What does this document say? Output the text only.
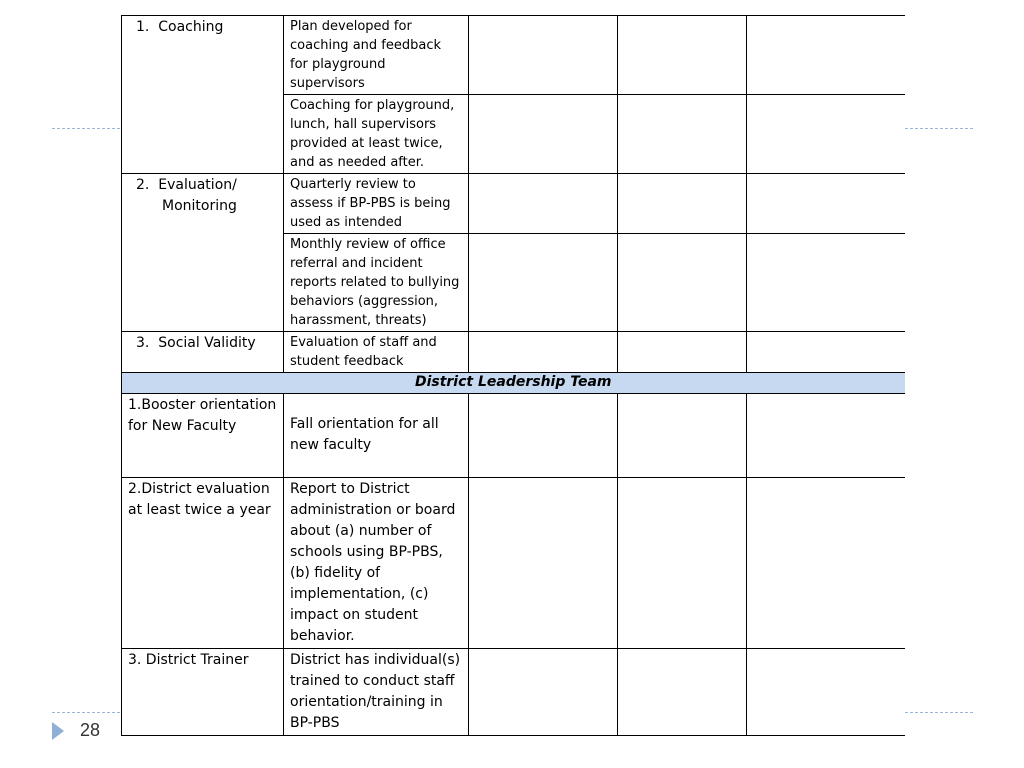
1.  Coaching	Plan developed for coaching and feedback for playground supervisors			
	Coaching for playground, lunch, hall supervisors provided at least twice, and as needed after.			

2.  Evaluation/ Monitoring	Quarterly review to assess if BP-PBS is being used as intended			
	Monthly review of office referral and incident reports related to bullying behaviors (aggression, harassment, threats)			

3.  Social Validity	Evaluation of staff and student feedback			
District Leadership Team				
1.Booster orientation for New Faculty	Fall orientation for all new faculty			
2.District evaluation at least twice a year	Report to District administration or board about (a) number of schools using BP-PBS, (b) fidelity of implementation, (c) impact on student behavior.			
3. District Trainer	District has individual(s) trained to conduct staff orientation/training in BP-PBS			
28
